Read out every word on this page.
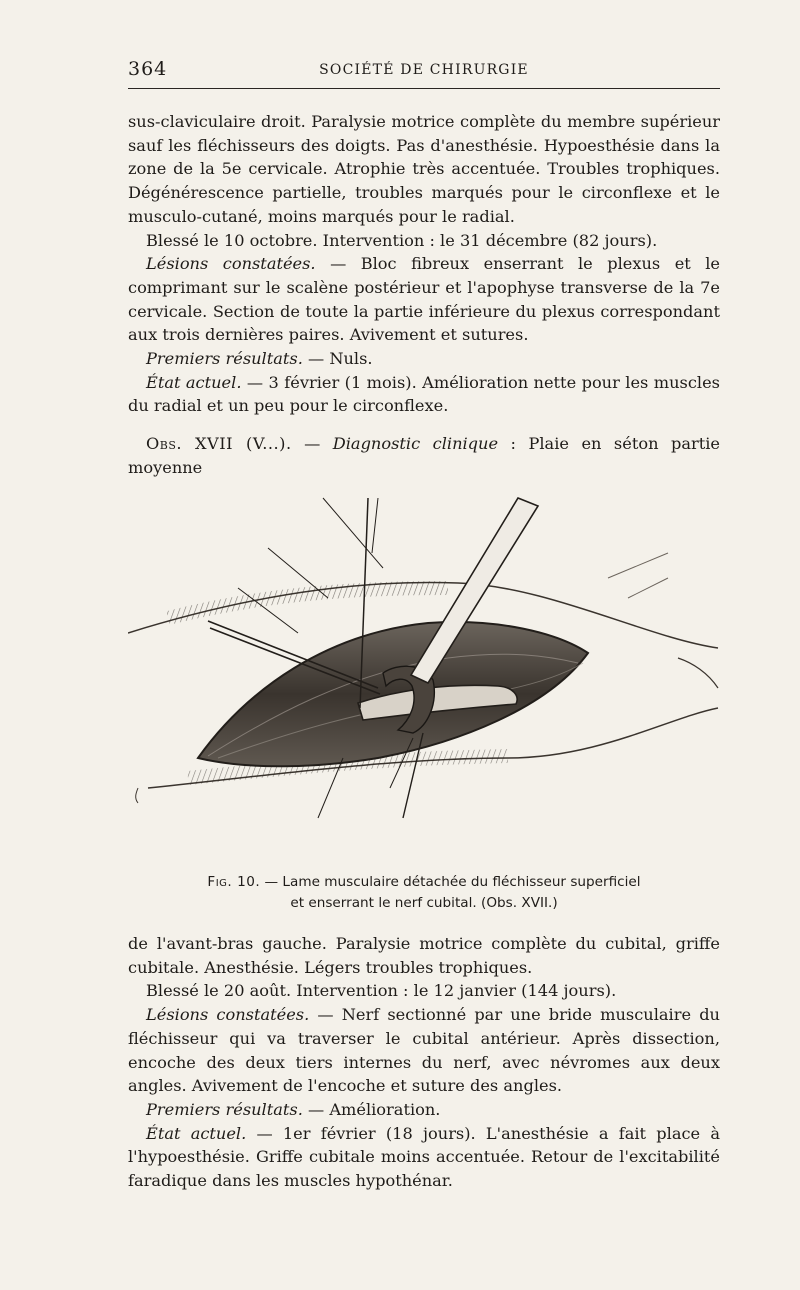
364	SOCIÉTÉ DE CHIRURGIE

sus-claviculaire droit. Paralysie motrice complète du membre supérieur sauf les fléchisseurs des doigts. Pas d'anesthésie. Hypoesthésie dans la zone de la 5e cervicale. Atrophie très accentuée. Troubles trophiques. Dégénérescence partielle, troubles marqués pour le circonflexe et le musculo-cutané, moins marqués pour le radial.

Blessé le 10 octobre. Intervention : le 31 décembre (82 jours).

Lésions constatées. — Bloc fibreux enserrant le plexus et le comprimant sur le scalène postérieur et l'apophyse transverse de la 7e cervicale. Section de toute la partie inférieure du plexus correspondant aux trois dernières paires. Avivement et sutures.

Premiers résultats. — Nuls.

État actuel. — 3 février (1 mois). Amélioration nette pour les muscles du radial et un peu pour le circonflexe.

Obs. XVII (V...). — Diagnostic clinique : Plaie en séton partie moyenne

Fig. 10. — Lame musculaire détachée du fléchisseur superficiel

et enserrant le nerf cubital. (Obs. XVII.)

de l'avant-bras gauche. Paralysie motrice complète du cubital, griffe cubitale. Anesthésie. Légers troubles trophiques.

Blessé le 20 août. Intervention : le 12 janvier (144 jours).

Lésions constatées. — Nerf sectionné par une bride musculaire du fléchisseur qui va traverser le cubital antérieur. Après dissection, encoche des deux tiers internes du nerf, avec névromes aux deux angles. Avivement de l'encoche et suture des angles.

Premiers résultats. — Amélioration.

État actuel. — 1er février (18 jours). L'anesthésie a fait place à l'hypoesthésie. Griffe cubitale moins accentuée. Retour de l'excitabilité faradique dans les muscles hypothénar.
